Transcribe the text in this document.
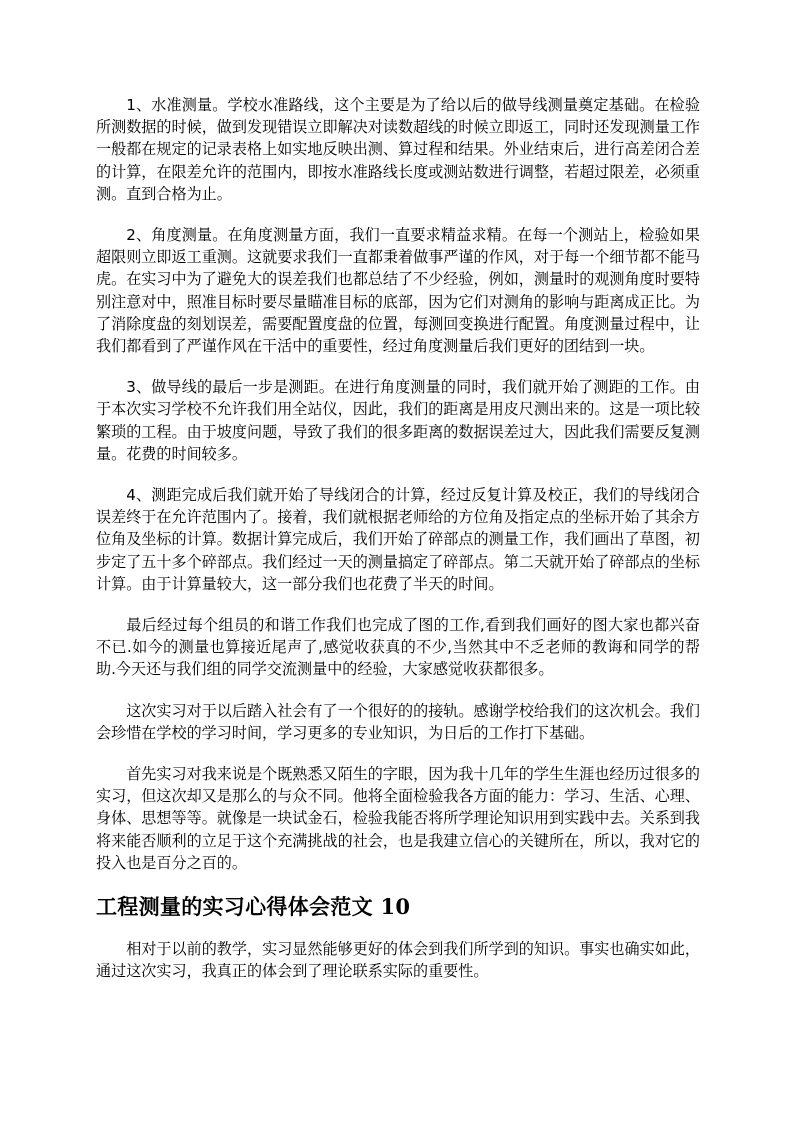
1、水准测量。学校水准路线，这个主要是为了给以后的做导线测量奠定基础。在检验所测数据的时候，做到发现错误立即解决对读数超线的时候立即返工，同时还发现测量工作一般都在规定的记录表格上如实地反映出测、算过程和结果。外业结束后，进行高差闭合差的计算，在限差允许的范围内，即按水准路线长度或测站数进行调整，若超过限差，必须重测。直到合格为止。

2、角度测量。在角度测量方面，我们一直要求精益求精。在每一个测站上，检验如果超限则立即返工重测。这就要求我们一直都秉着做事严谨的作风，对于每一个细节都不能马虎。在实习中为了避免大的误差我们也都总结了不少经验，例如，测量时的观测角度时要特别注意对中，照准目标时要尽量瞄准目标的底部，因为它们对测角的影响与距离成正比。为了消除度盘的刻划误差，需要配置度盘的位置，每测回变换进行配置。角度测量过程中，让我们都看到了严谨作风在干活中的重要性，经过角度测量后我们更好的团结到一块。

3、做导线的最后一步是测距。在进行角度测量的同时，我们就开始了测距的工作。由于本次实习学校不允许我们用全站仪，因此，我们的距离是用皮尺测出来的。这是一项比较繁琐的工程。由于坡度问题，导致了我们的很多距离的数据误差过大，因此我们需要反复测量。花费的时间较多。

4、测距完成后我们就开始了导线闭合的计算，经过反复计算及校正，我们的导线闭合误差终于在允许范围内了。接着，我们就根据老师给的方位角及指定点的坐标开始了其余方位角及坐标的计算。数据计算完成后，我们开始了碎部点的测量工作，我们画出了草图，初步定了五十多个碎部点。我们经过一天的测量搞定了碎部点。第二天就开始了碎部点的坐标计算。由于计算量较大，这一部分我们也花费了半天的时间。

最后经过每个组员的和谐工作我们也完成了图的工作,看到我们画好的图大家也都兴奋不已.如今的测量也算接近尾声了,感觉收获真的不少,当然其中不乏老师的教诲和同学的帮助.今天还与我们组的同学交流测量中的经验，大家感觉收获都很多。

这次实习对于以后踏入社会有了一个很好的的接轨。感谢学校给我们的这次机会。我们会珍惜在学校的学习时间，学习更多的专业知识，为日后的工作打下基础。

首先实习对我来说是个既熟悉又陌生的字眼，因为我十几年的学生生涯也经历过很多的实习，但这次却又是那么的与众不同。他将全面检验我各方面的能力：学习、生活、心理、身体、思想等等。就像是一块试金石，检验我能否将所学理论知识用到实践中去。关系到我将来能否顺利的立足于这个充满挑战的社会，也是我建立信心的关键所在，所以，我对它的投入也是百分之百的。

工程测量的实习心得体会范文 10

相对于以前的教学，实习显然能够更好的体会到我们所学到的知识。事实也确实如此，通过这次实习，我真正的体会到了理论联系实际的重要性。
